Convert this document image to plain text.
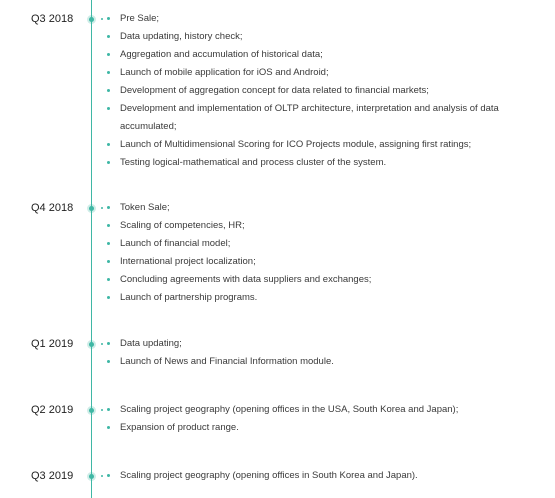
Q3 2018	Pre Sale;
Data updating, history check;
Aggregation and accumulation of historical data;
Launch of mobile application for iOS and Android;
Development of aggregation concept for data related to financial markets;
Development and implementation of OLTP architecture, interpretation and analysis of data accumulated;
Launch of Multidimensional Scoring for ICO Projects module, assigning first ratings;
Testing logical-mathematical and process cluster of the system.
Q4 2018	Token Sale;
Scaling of competencies, HR;
Launch of financial model;
International project localization;
Concluding agreements with data suppliers and exchanges;
Launch of partnership programs.
Q1 2019	Data updating;
Launch of News and Financial Information module.
Q2 2019	Scaling project geography (opening offices in the USA, South Korea and Japan);
Expansion of product range.
Q3 2019	Scaling project geography (opening offices in South Korea and Japan).
